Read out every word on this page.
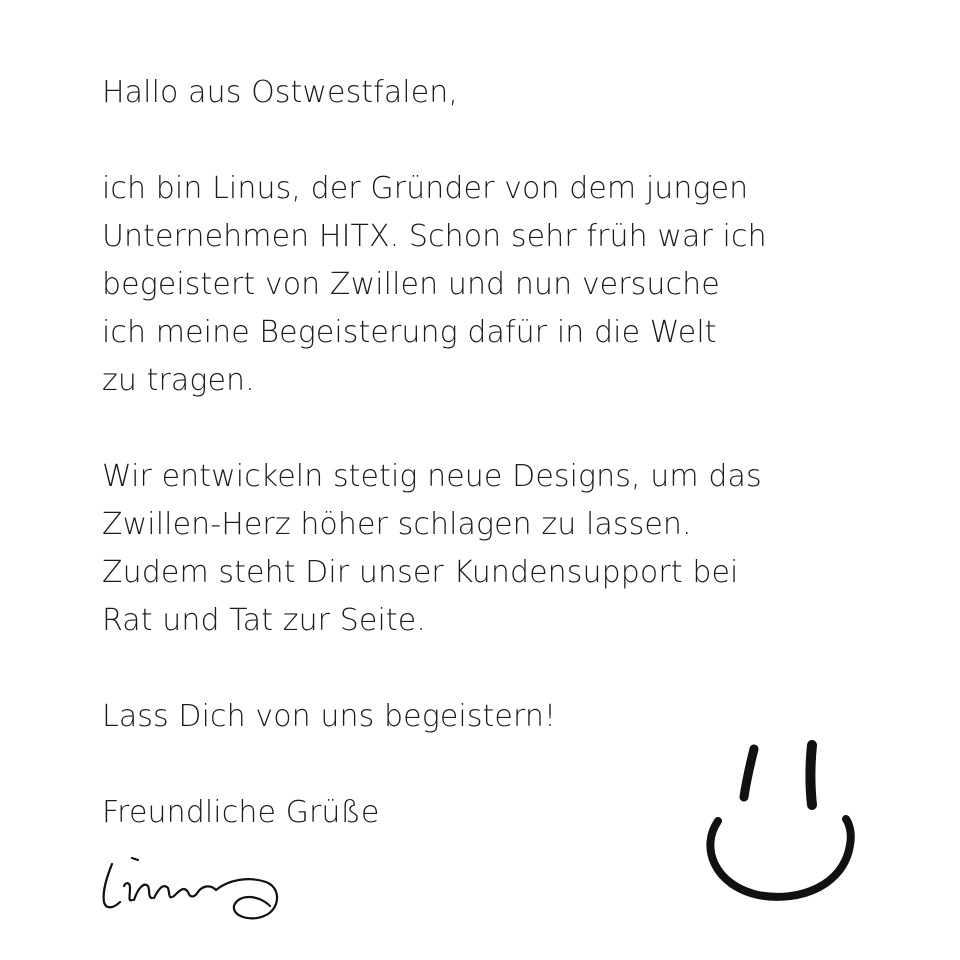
Hallo aus Ostwestfalen,

ich bin Linus, der Gründer von dem jungen
Unternehmen HITX. Schon sehr früh war ich
begeistert von Zwillen und nun versuche
ich meine Begeisterung dafür in die Welt
zu tragen.

Wir entwickeln stetig neue Designs, um das
Zwillen-Herz höher schlagen zu lassen.
Zudem steht Dir unser Kundensupport bei
Rat und Tat zur Seite.

Lass Dich von uns begeistern!

Freundliche Grüße
